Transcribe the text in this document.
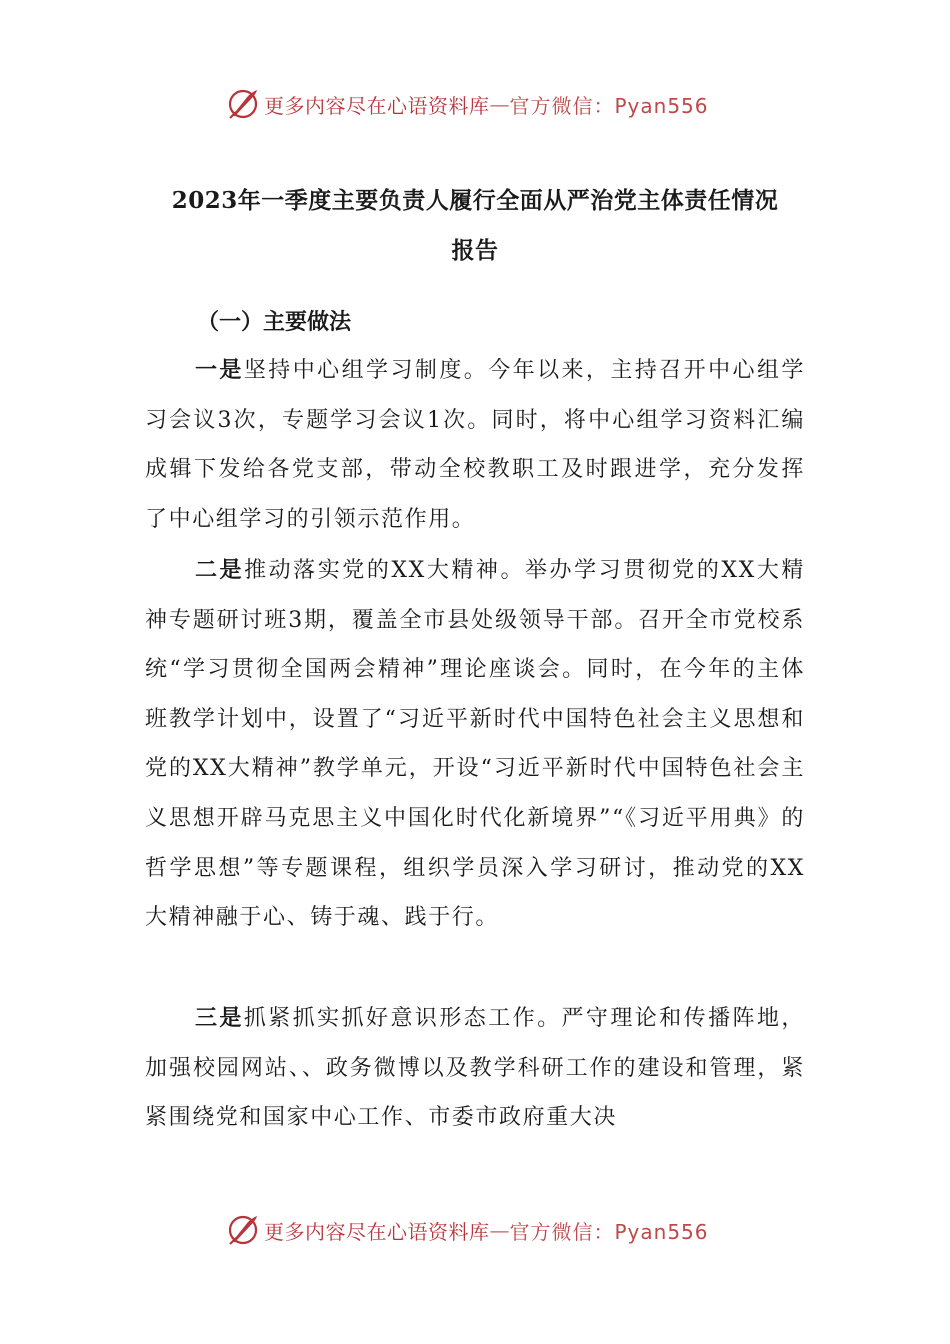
更多内容尽在心语资料库 — 官方微信：Pyan556
2023年一季度主要负责人履行全面从严治党主体责任情况
报告
（一）主要做法

一是坚持中心组学习制度。今年以来，主持召开中心组学习会议3次，专题学习会议1次。同时，将中心组学习资料汇编成辑下发给各党支部，带动全校教职工及时跟进学，充分发挥了中心组学习的引领示范作用。

二是推动落实党的XX大精神。举办学习贯彻党的XX大精神专题研讨班3期，覆盖全市县处级领导干部。召开全市党校系统“学习贯彻全国两会精神”理论座谈会。同时，在今年的主体班教学计划中，设置了“习近平新时代中国特色社会主义思想和党的XX大精神”教学单元，开设“习近平新时代中国特色社会主义思想开辟马克思主义中国化时代化新境界”“《习近平用典》的哲学思想”等专题课程，组织学员深入学习研讨，推动党的XX大精神融于心、铸于魂、践于行。

三是抓紧抓实抓好意识形态工作。严守理论和传播阵地，加强校园网站、、政务微博以及教学科研工作的建设和管理，紧紧围绕党和国家中心工作、市委市政府重大决

更多内容尽在心语资料库 — 官方微信：Pyan556
